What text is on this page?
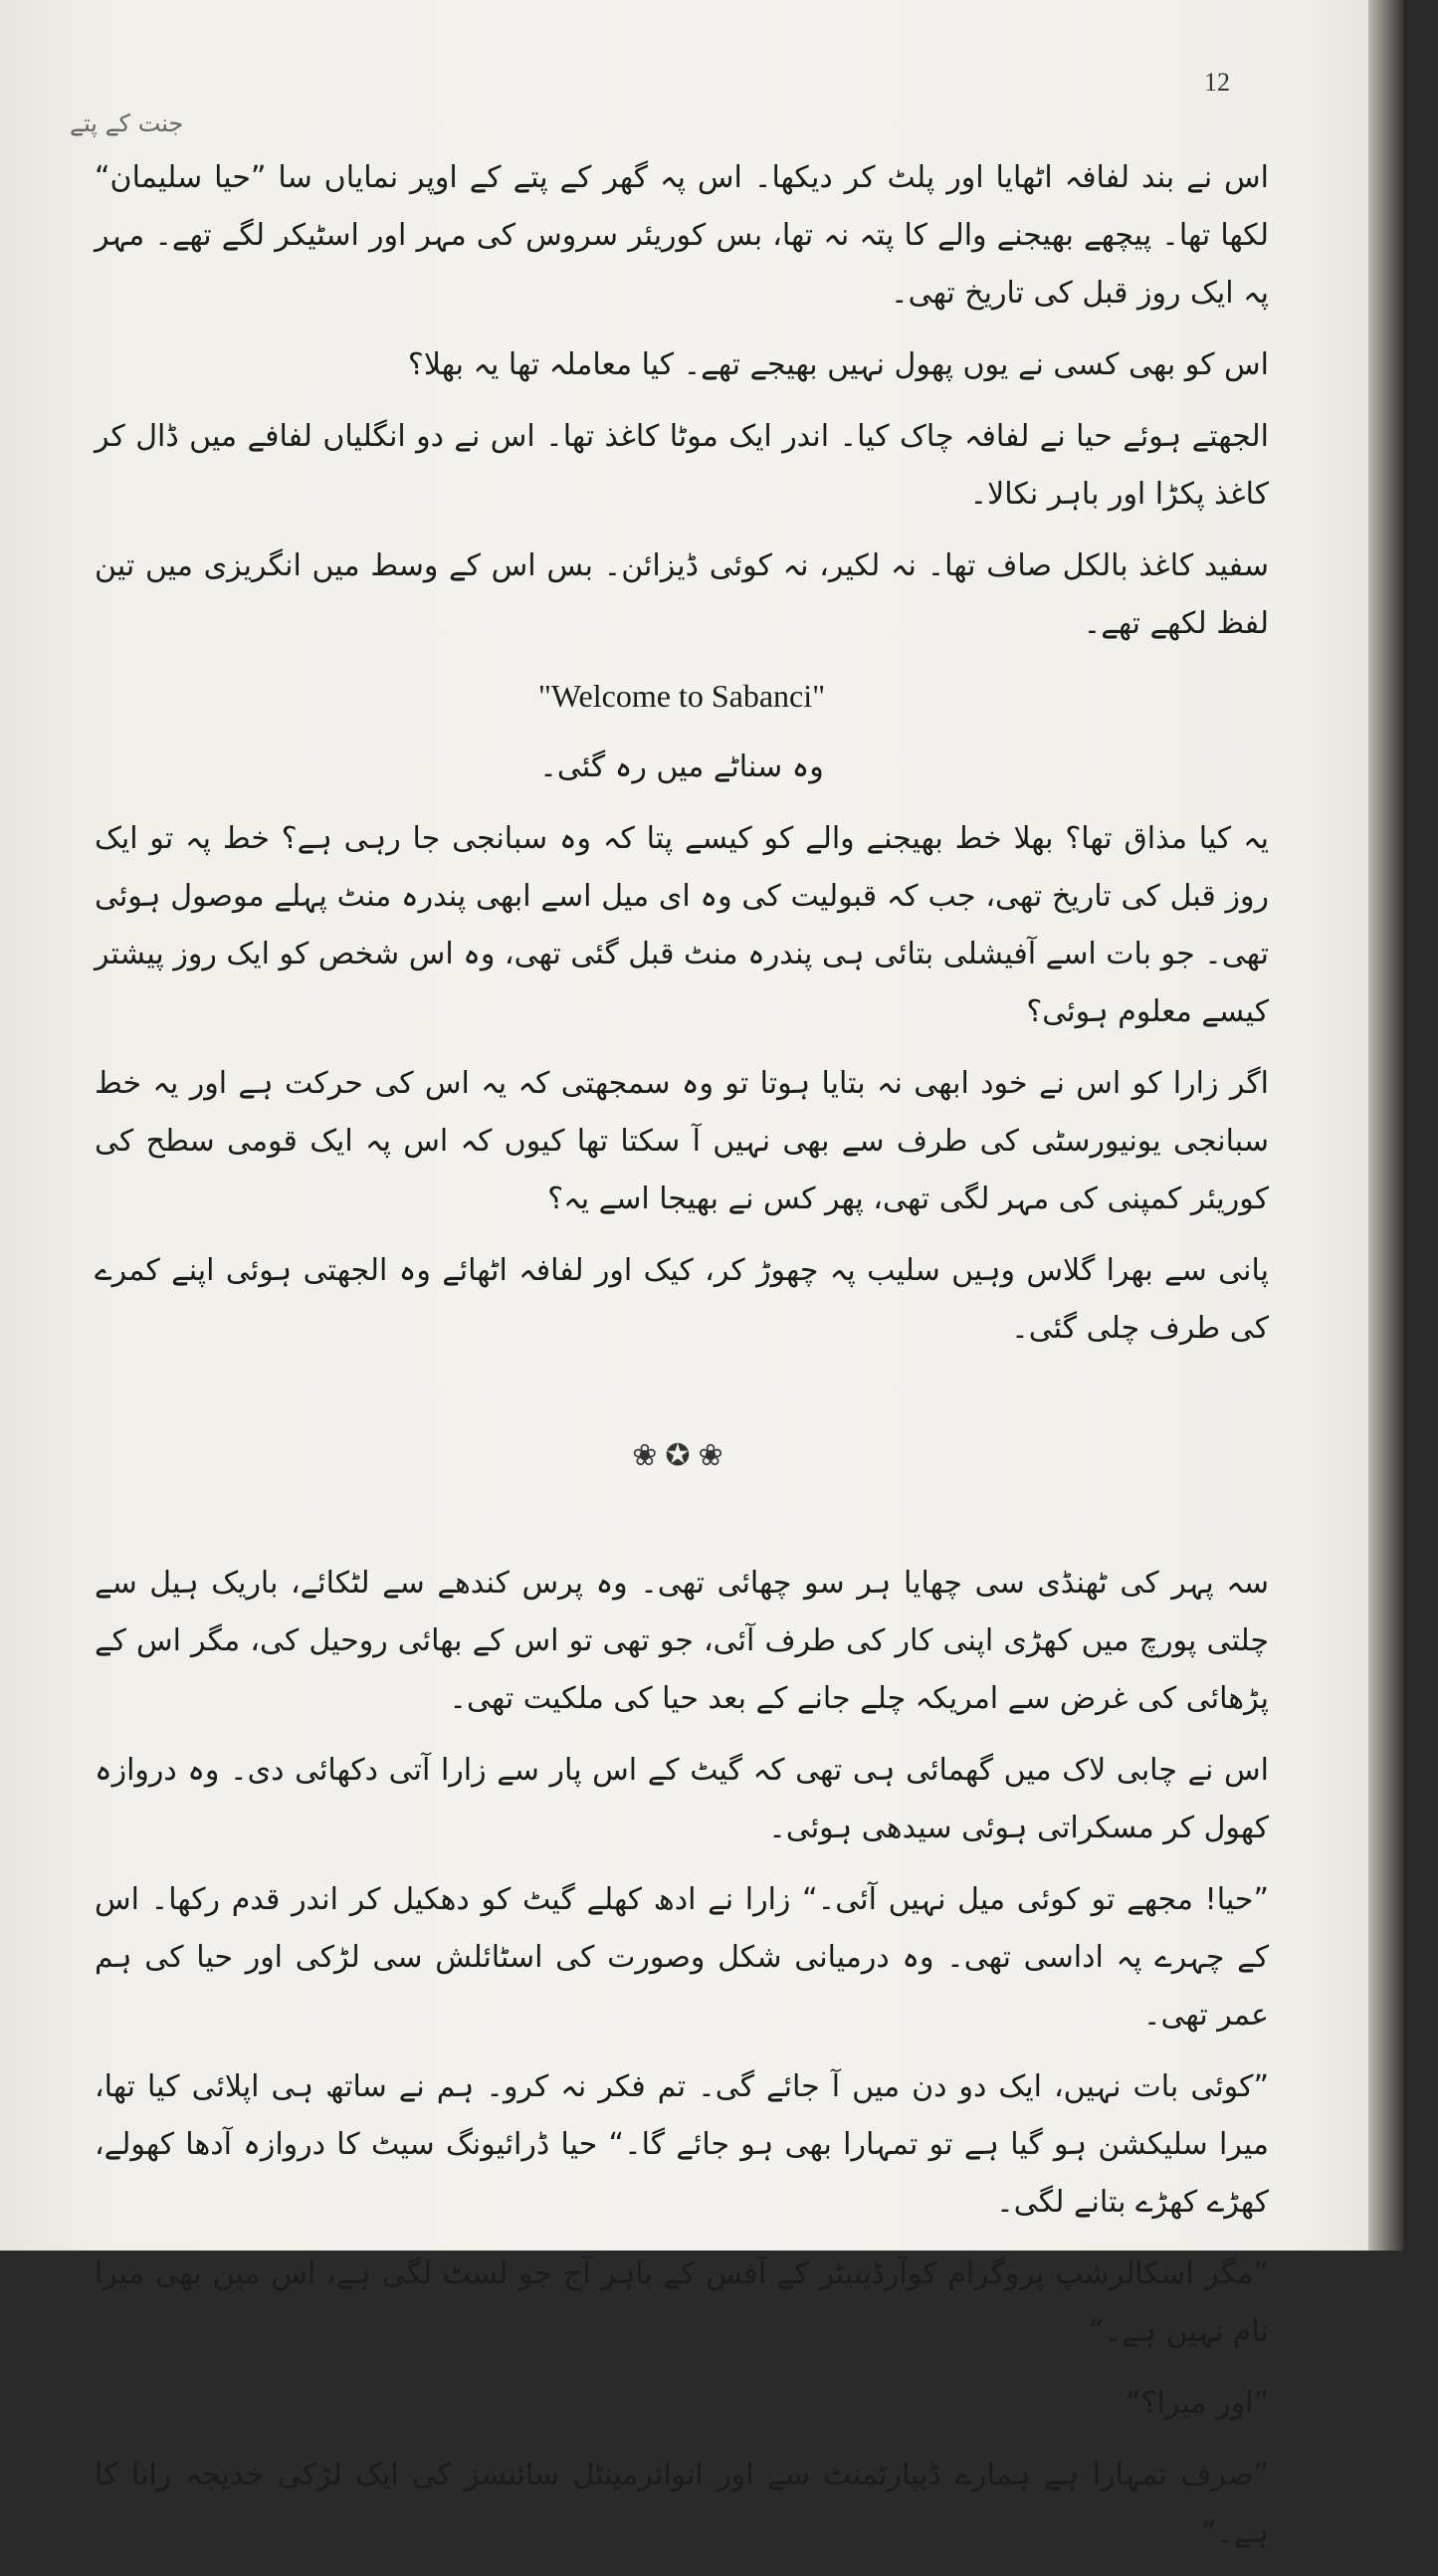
12
جنت کے پتے

اس نے بند لفافہ اٹھایا اور پلٹ کر دیکھا۔ اس پہ گھر کے پتے کے اوپر نمایاں سا ”حیا سلیمان“ لکھا تھا۔ پیچھے بھیجنے والے کا پتہ نہ تھا، بس کوریئر سروس کی مہر اور اسٹیکر لگے تھے۔ مہر پہ ایک روز قبل کی تاریخ تھی۔

اس کو بھی کسی نے یوں پھول نہیں بھیجے تھے۔ کیا معاملہ تھا یہ بھلا؟

الجھتے ہوئے حیا نے لفافہ چاک کیا۔ اندر ایک موٹا کاغذ تھا۔ اس نے دو انگلیاں لفافے میں ڈال کر کاغذ پکڑا اور باہر نکالا۔

سفید کاغذ بالکل صاف تھا۔ نہ لکیر، نہ کوئی ڈیزائن۔ بس اس کے وسط میں انگریزی میں تین لفظ لکھے تھے۔

"Welcome to Sabanci"

وہ سناٹے میں رہ گئی۔

یہ کیا مذاق تھا؟ بھلا خط بھیجنے والے کو کیسے پتا کہ وہ سبانجی جا رہی ہے؟ خط پہ تو ایک روز قبل کی تاریخ تھی، جب کہ قبولیت کی وہ ای میل اسے ابھی پندرہ منٹ پہلے موصول ہوئی تھی۔ جو بات اسے آفیشلی بتائی ہی پندرہ منٹ قبل گئی تھی، وہ اس شخص کو ایک روز پیشتر کیسے معلوم ہوئی؟

اگر زارا کو اس نے خود ابھی نہ بتایا ہوتا تو وہ سمجھتی کہ یہ اس کی حرکت ہے اور یہ خط سبانجی یونیورسٹی کی طرف سے بھی نہیں آ سکتا تھا کیوں کہ اس پہ ایک قومی سطح کی کوریئر کمپنی کی مہر لگی تھی، پھر کس نے بھیجا اسے یہ؟

پانی سے بھرا گلاس وہیں سلیب پہ چھوڑ کر، کیک اور لفافہ اٹھائے وہ الجھتی ہوئی اپنے کمرے کی طرف چلی گئی۔

❀✪❀

سہ پہر کی ٹھنڈی سی چھایا ہر سو چھائی تھی۔ وہ پرس کندھے سے لٹکائے، باریک ہیل سے چلتی پورچ میں کھڑی اپنی کار کی طرف آئی، جو تھی تو اس کے بھائی روحیل کی، مگر اس کے پڑھائی کی غرض سے امریکہ چلے جانے کے بعد حیا کی ملکیت تھی۔

اس نے چابی لاک میں گھمائی ہی تھی کہ گیٹ کے اس پار سے زارا آتی دکھائی دی۔ وہ دروازہ کھول کر مسکراتی ہوئی سیدھی ہوئی۔

”حیا! مجھے تو کوئی میل نہیں آئی۔“ زارا نے ادھ کھلے گیٹ کو دھکیل کر اندر قدم رکھا۔ اس کے چہرے پہ اداسی تھی۔ وہ درمیانی شکل وصورت کی اسٹائلش سی لڑکی اور حیا کی ہم عمر تھی۔

”کوئی بات نہیں، ایک دو دن میں آ جائے گی۔ تم فکر نہ کرو۔ ہم نے ساتھ ہی اپلائی کیا تھا، میرا سلیکشن ہو گیا ہے تو تمہارا بھی ہو جائے گا۔“ حیا ڈرائیونگ سیٹ کا دروازہ آدھا کھولے، کھڑے کھڑے بتانے لگی۔

”مگر اسکالرشپ پروگرام کوآرڈینیٹر کے آفس کے باہر آج جو لسٹ لگی ہے، اس میں بھی میرا نام نہیں ہے۔“

”اور میرا؟“

”صرف تمہارا ہے ہمارے ڈیپارٹمنٹ سے اور انوائرمینٹل سائنسز کی ایک لڑکی خدیجہ رانا کا ہے۔“
